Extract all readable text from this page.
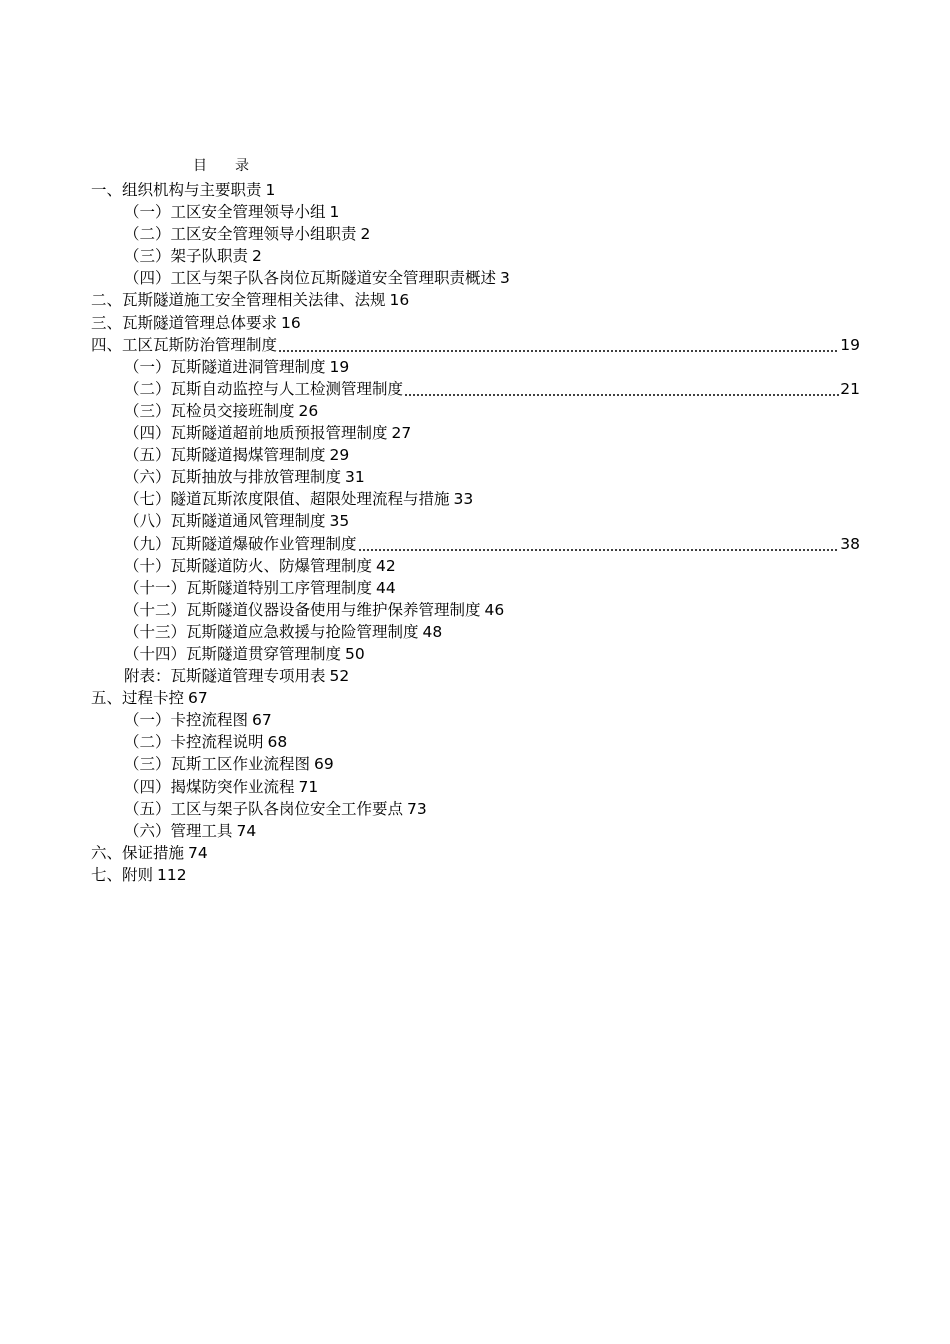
目 录
一、组织机构与主要职责 1
（一）工区安全管理领导小组 1
（二）工区安全管理领导小组职责 2
（三）架子队职责 2
（四）工区与架子队各岗位瓦斯隧道安全管理职责概述 3
二、瓦斯隧道施工安全管理相关法律、法规 16
三、瓦斯隧道管理总体要求 16
四、工区瓦斯防治管理制度	19
（一）瓦斯隧道进洞管理制度 19
（二）瓦斯自动监控与人工检测管理制度	21
（三）瓦检员交接班制度 26
（四）瓦斯隧道超前地质预报管理制度 27
（五）瓦斯隧道揭煤管理制度 29
（六）瓦斯抽放与排放管理制度 31
（七）隧道瓦斯浓度限值、超限处理流程与措施 33
（八）瓦斯隧道通风管理制度 35
（九）瓦斯隧道爆破作业管理制度	38
（十）瓦斯隧道防火、防爆管理制度 42
（十一）瓦斯隧道特别工序管理制度 44
（十二）瓦斯隧道仪器设备使用与维护保养管理制度 46
（十三）瓦斯隧道应急救援与抢险管理制度 48
（十四）瓦斯隧道贯穿管理制度 50
附表：瓦斯隧道管理专项用表 52
五、过程卡控 67
（一）卡控流程图 67
（二）卡控流程说明 68
（三）瓦斯工区作业流程图 69
（四）揭煤防突作业流程 71
（五）工区与架子队各岗位安全工作要点 73
（六）管理工具 74
六、保证措施 74
七、附则 112
